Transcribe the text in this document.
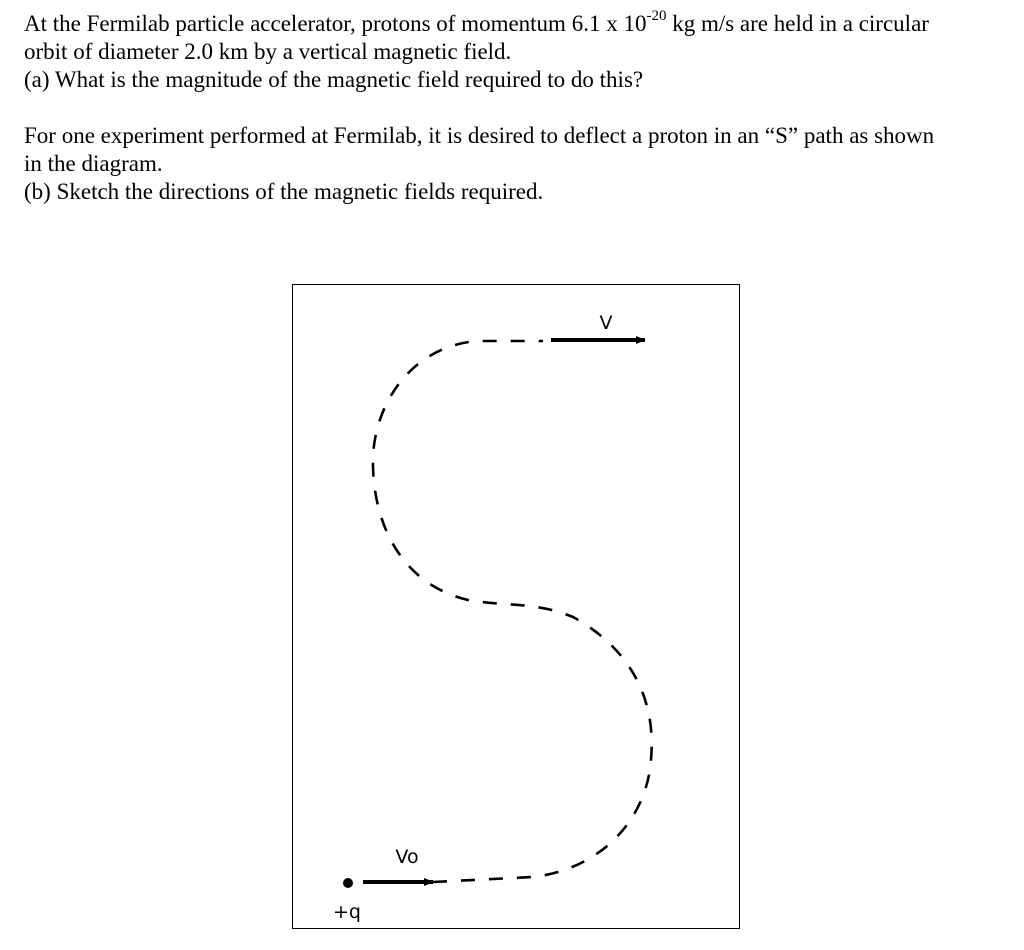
At the Fermilab particle accelerator, protons of momentum 6.1 x $10^{-20}$ kg m/s are held in a circular

orbit of diameter 2.0 km by a vertical magnetic field.

(a) What is the magnitude of the magnetic field required to do this?

For one experiment performed at Fermilab, it is desired to deflect a proton in an “S” path as shown

in the diagram.

(b) Sketch the directions of the magnetic fields required.

V
Vo
+q
